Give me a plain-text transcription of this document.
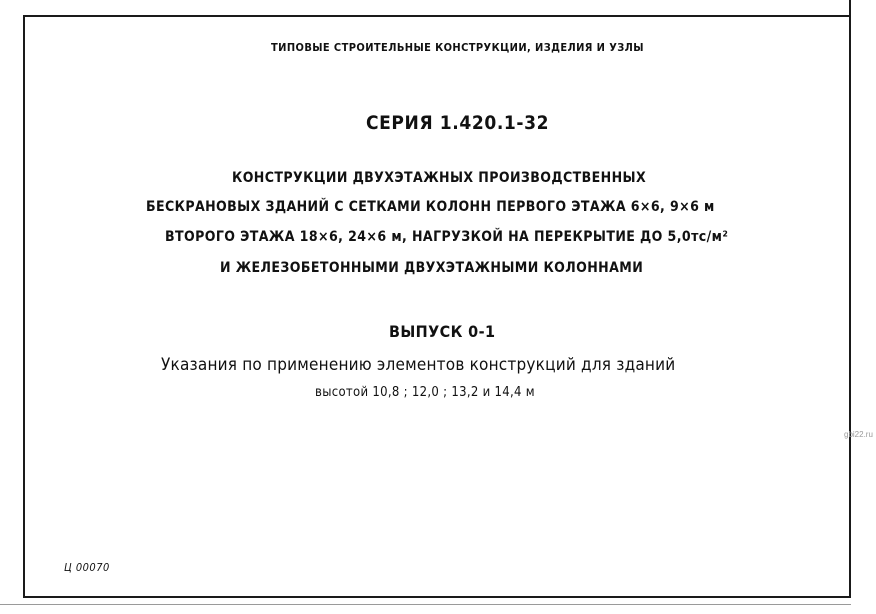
ТИПОВЫЕ СТРОИТЕЛЬНЫЕ КОНСТРУКЦИИ, ИЗДЕЛИЯ И УЗЛЫ
СЕРИЯ 1.420.1-32
КОНСТРУКЦИИ ДВУХЭТАЖНЫХ ПРОИЗВОДСТВЕННЫХ
БЕСКРАНОВЫХ ЗДАНИЙ С СЕТКАМИ КОЛОНН ПЕРВОГО ЭТАЖА 6×6, 9×6 м
ВТОРОГО ЭТАЖА 18×6, 24×6 м, НАГРУЗКОЙ НА ПЕРЕКРЫТИЕ ДО 5,0тс/м²
И ЖЕЛЕЗОБЕТОННЫМИ ДВУХЭТАЖНЫМИ КОЛОННАМИ
ВЫПУСК 0-1
Указания по применению элементов конструкций для зданий
высотой 10,8 ; 12,0 ; 13,2 и 14,4 м
gbi22.ru
Ц 00070
